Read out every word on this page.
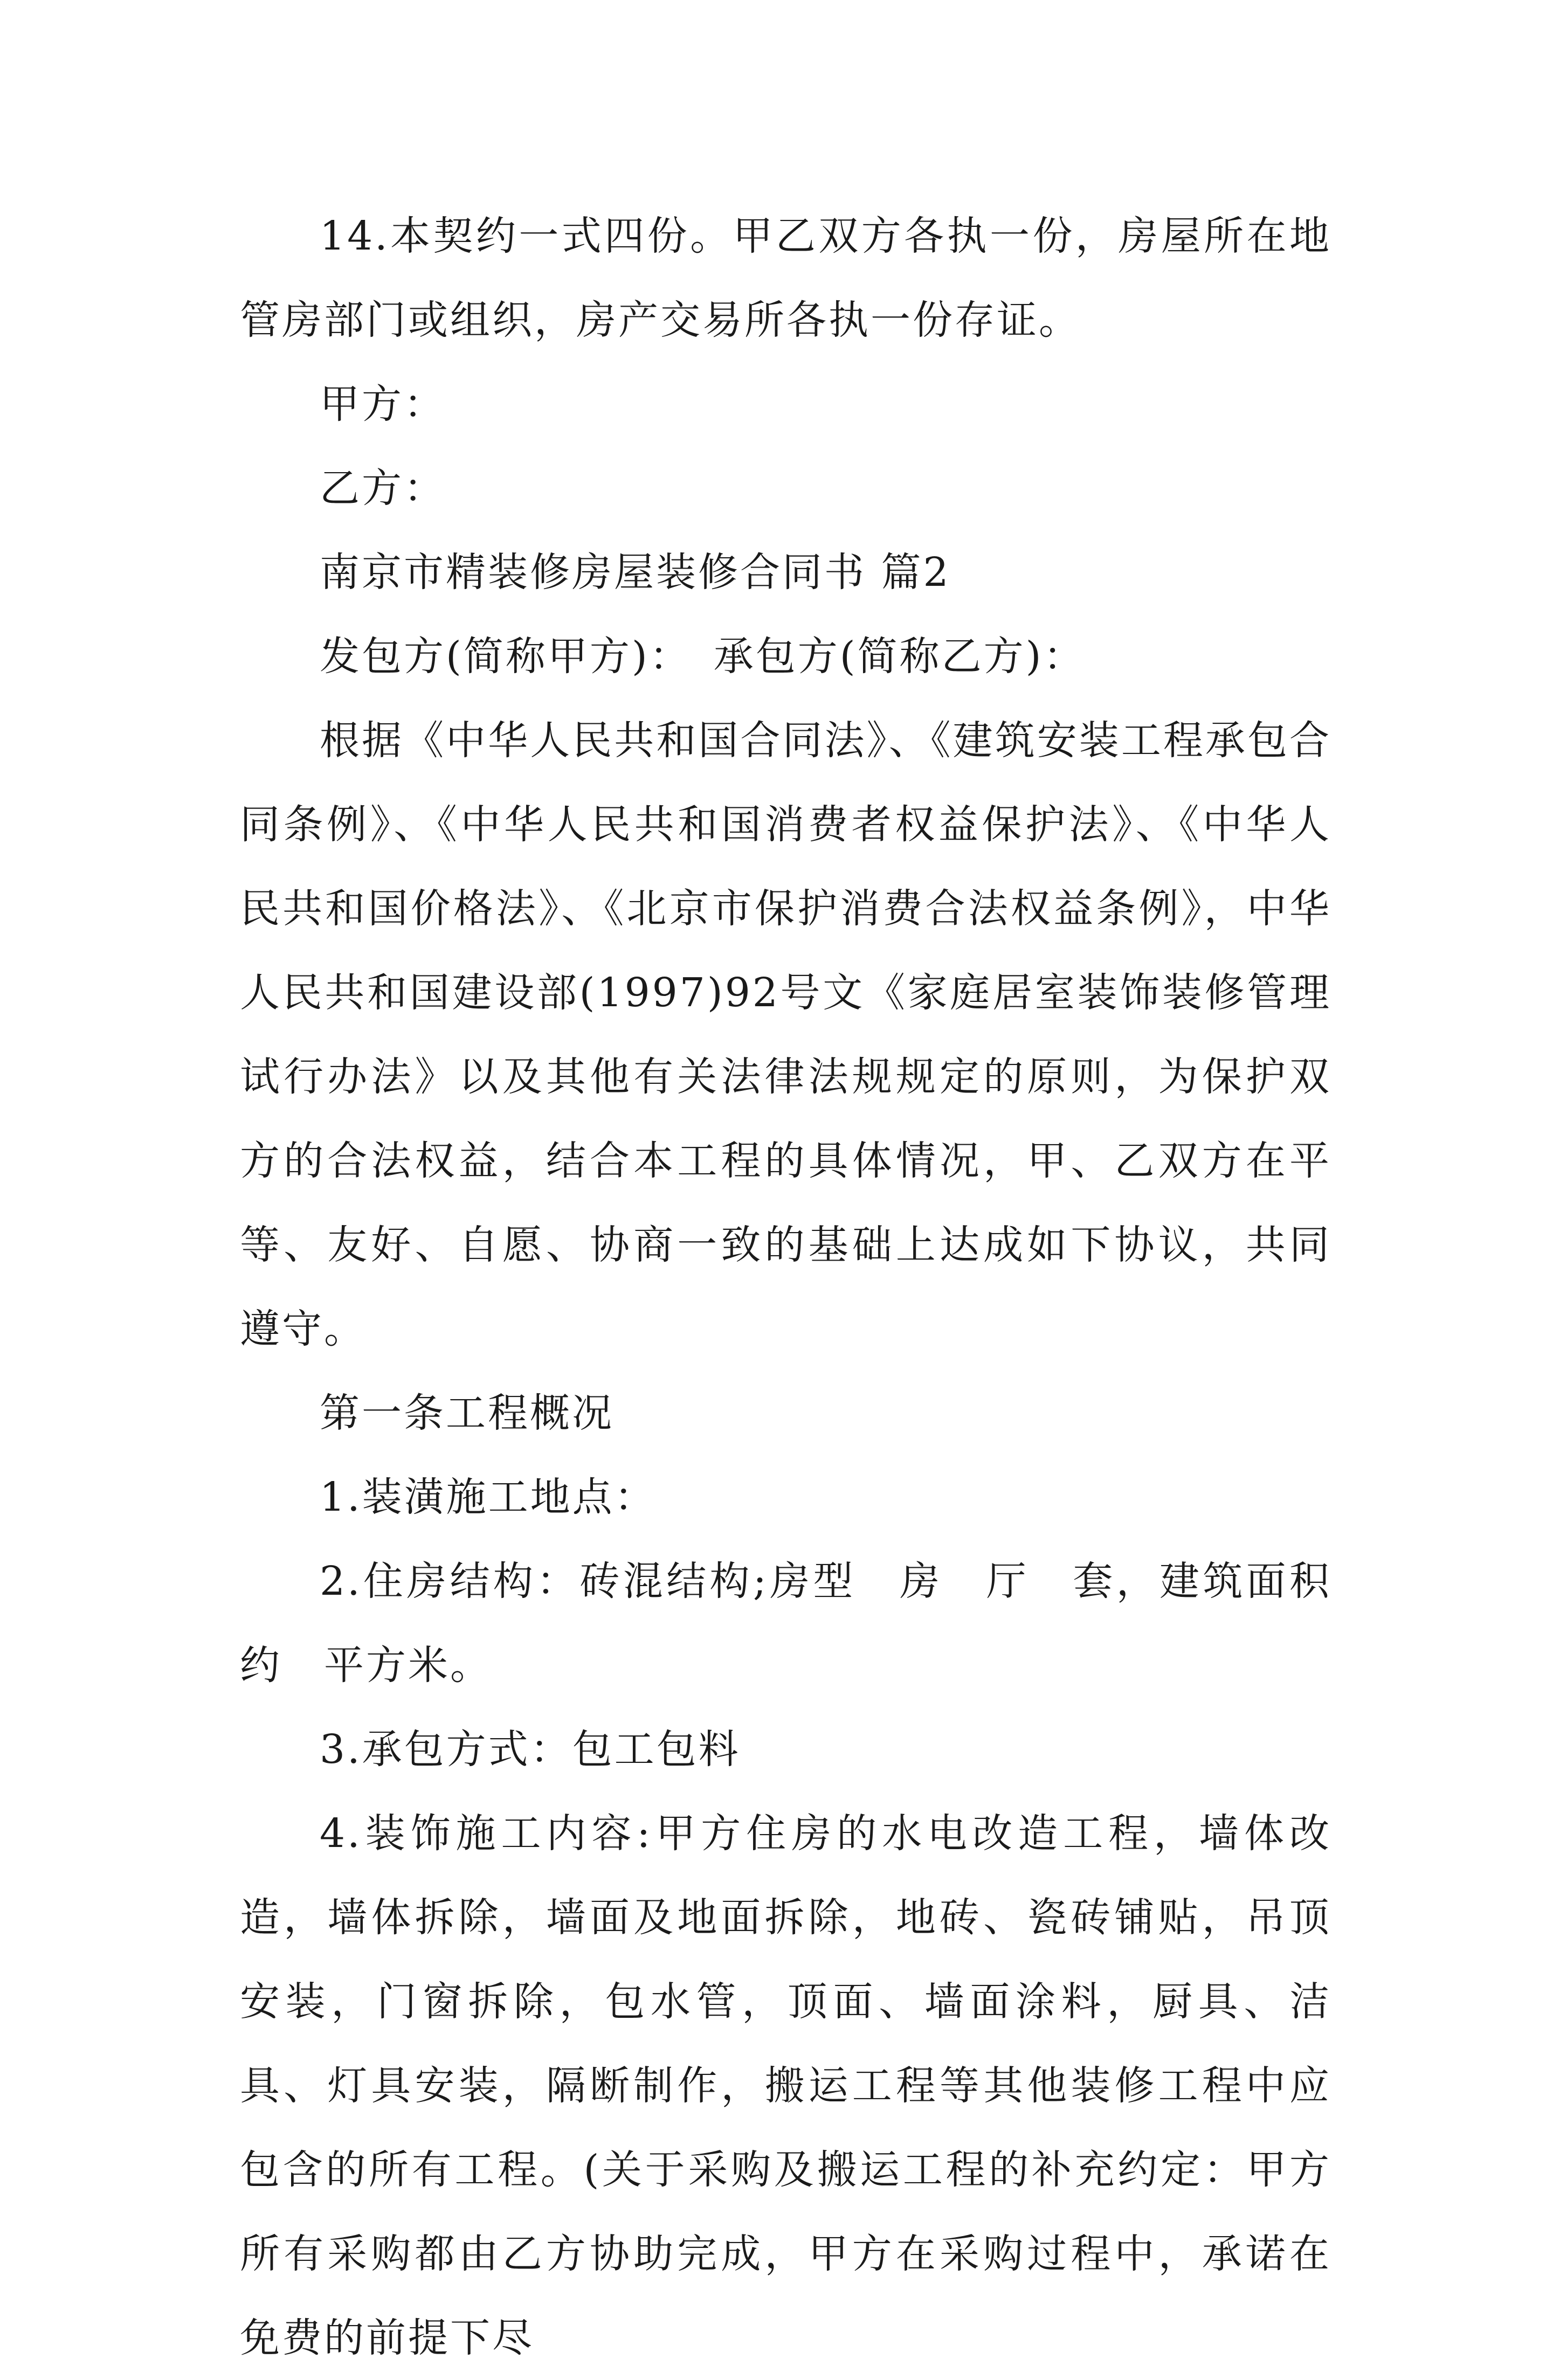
14.本契约一式四份。甲乙双方各执一份，房屋所在地管房部门或组织，房产交易所各执一份存证。

甲方：

乙方：

南京市精装修房屋装修合同书 篇2

发包方(简称甲方)：　承包方(简称乙方)：

根据《中华人民共和国合同法》、《建筑安装工程承包合同条例》、《中华人民共和国消费者权益保护法》、《中华人民共和国价格法》、《北京市保护消费合法权益条例》，中华人民共和国建设部(1997)92号文《家庭居室装饰装修管理试行办法》以及其他有关法律法规规定的原则，为保护双方的合法权益，结合本工程的具体情况，甲、乙双方在平等、友好、自愿、协商一致的基础上达成如下协议，共同遵守。

第一条工程概况

1.装潢施工地点：

2.住房结构：砖混结构;房型　房　厅　套，建筑面积约　平方米。

3.承包方式：包工包料

4.装饰施工内容:甲方住房的水电改造工程，墙体改造，墙体拆除，墙面及地面拆除，地砖、瓷砖铺贴，吊顶安装，门窗拆除，包水管，顶面、墙面涂料，厨具、洁具、灯具安装，隔断制作，搬运工程等其他装修工程中应包含的所有工程。(关于采购及搬运工程的补充约定：甲方所有采购都由乙方协助完成，甲方在采购过程中，承诺在免费的前提下尽
